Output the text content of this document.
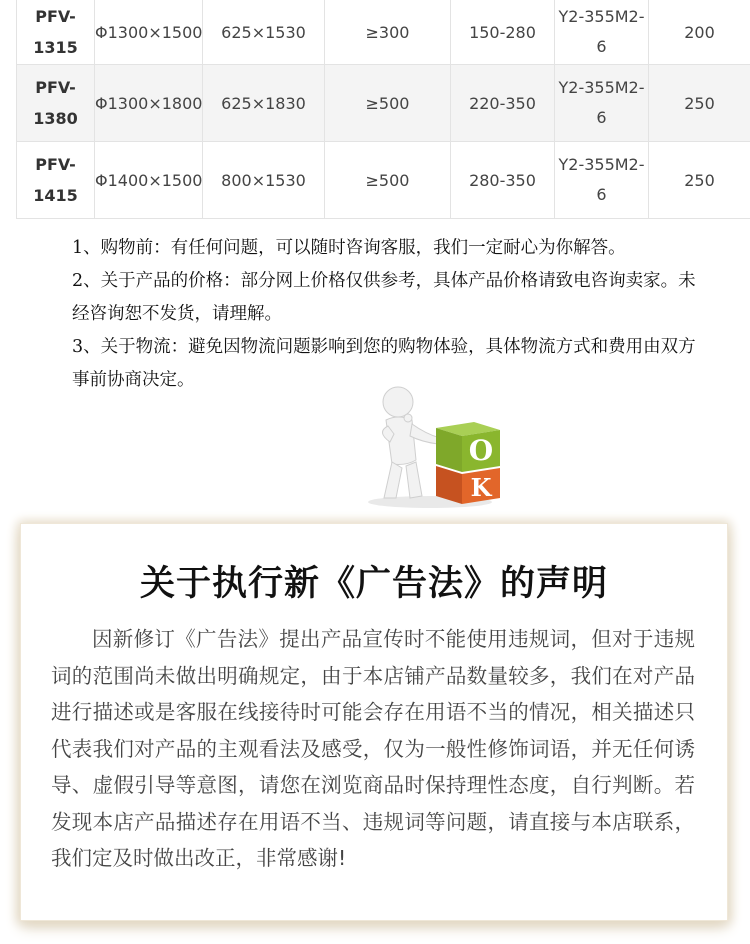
PFV-1315	Φ1300×1500	625×1530	≥300	150-280	Y2-355M2-6	200
PFV-1380	Φ1300×1800	625×1830	≥500	220-350	Y2-355M2-6	250
PFV-1415	Φ1400×1500	800×1530	≥500	280-350	Y2-355M2-6	250

1、购物前：有任何问题，可以随时咨询客服，我们一定耐心为你解答。

2、关于产品的价格：部分网上价格仅供参考，具体产品价格请致电咨询卖家。未经咨询恕不发货，请理解。

3、关于物流：避免因物流问题影响到您的购物体验，具体物流方式和费用由双方事前协商决定。

O
K
关于执行新《广告法》的声明

因新修订《广告法》提出产品宣传时不能使用违规词，但对于违规词的范围尚未做出明确规定，由于本店铺产品数量较多，我们在对产品进行描述或是客服在线接待时可能会存在用语不当的情况，相关描述只代表我们对产品的主观看法及感受，仅为一般性修饰词语，并无任何诱导、虚假引导等意图，请您在浏览商品时保持理性态度，自行判断。若发现本店产品描述存在用语不当、违规词等问题，请直接与本店联系，我们定及时做出改正，非常感谢!
